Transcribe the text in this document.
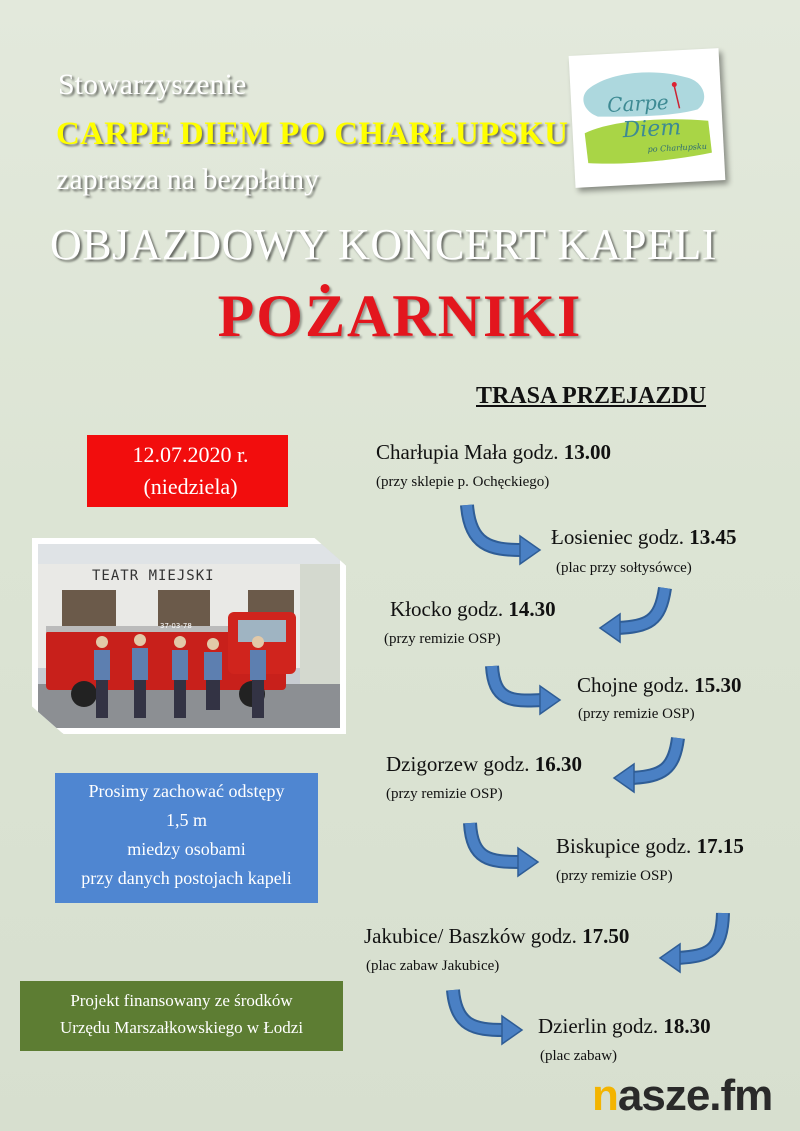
Stowarzyszenie
CARPE DIEM PO CHARŁUPSKU
zaprasza na bezpłatny
OBJAZDOWY KONCERT KAPELI
POŻARNIKI
Carpe
Diem
po Charłupsku
12.07.2020 r.
(niedziela)
TEATR MIEJSKI
37-03-78
Prosimy zachować odstępy
1,5 m
miedzy osobami
przy danych postojach kapeli
Projekt finansowany ze środków
Urzędu Marszałkowskiego w Łodzi
TRASA PRZEJAZDU
Charłupia Mała godz. 13.00
(przy sklepie p. Ochęckiego)
Łosieniec godz. 13.45
(plac przy sołtysówce)
Kłocko godz. 14.30
(przy remizie OSP)
Chojne godz. 15.30
(przy remizie OSP)
Dzigorzew godz. 16.30
(przy remizie OSP)
Biskupice godz. 17.15
(przy remizie OSP)
Jakubice/ Baszków godz. 17.50
(plac zabaw Jakubice)
Dzierlin godz. 18.30
(plac zabaw)
nasze.fm
